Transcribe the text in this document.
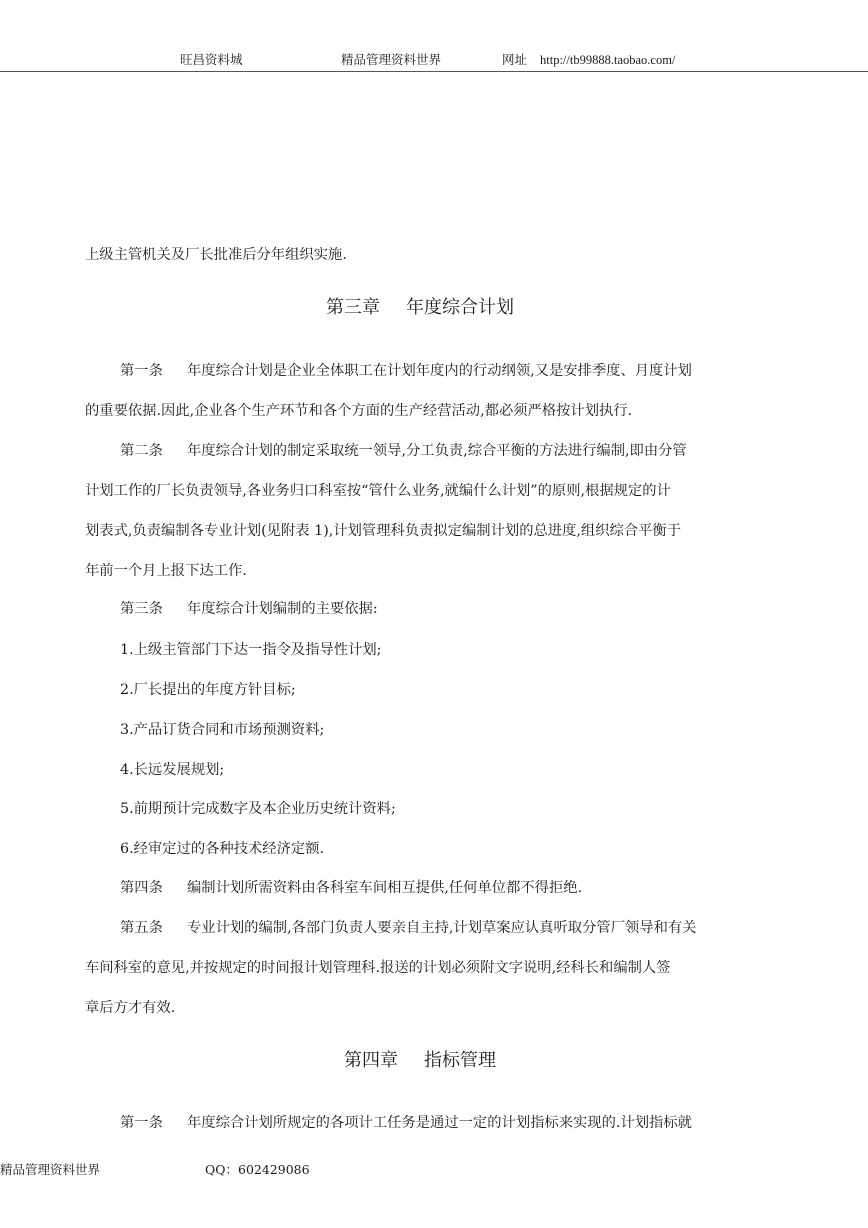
旺昌资料城	精品管理资料世界	网址 http://tb99888.taobao.com/
上级主管机关及厂长批准后分年组织实施.
第三章 年度综合计划
第一条 年度综合计划是企业全体职工在计划年度内的行动纲领,又是安排季度、月度计划
的重要依据.因此,企业各个生产环节和各个方面的生产经营活动,都必须严格按计划执行.
第二条 年度综合计划的制定采取统一领导,分工负责,综合平衡的方法进行编制,即由分管
计划工作的厂长负责领导,各业务归口科室按“管什么业务,就编什么计划”的原则,根据规定的计
划表式,负责编制各专业计划(见附表 1),计划管理科负责拟定编制计划的总进度,组织综合平衡于
年前一个月上报下达工作.
第三条 年度综合计划编制的主要依据:
1.上级主管部门下达一指令及指导性计划;
2.厂长提出的年度方针目标;
3.产品订货合同和市场预测资料;
4.长远发展规划;
5.前期预计完成数字及本企业历史统计资料;
6.经审定过的各种技术经济定额.
第四条 编制计划所需资料由各科室车间相互提供,任何单位都不得拒绝.
第五条 专业计划的编制,各部门负责人要亲自主持,计划草案应认真听取分管厂领导和有关
车间科室的意见,并按规定的时间报计划管理科.报送的计划必须附文字说明,经科长和编制人签
章后方才有效.
第四章 指标管理
第一条 年度综合计划所规定的各项计工任务是通过一定的计划指标来实现的.计划指标就
精品管理资料世界	QQ：602429086
